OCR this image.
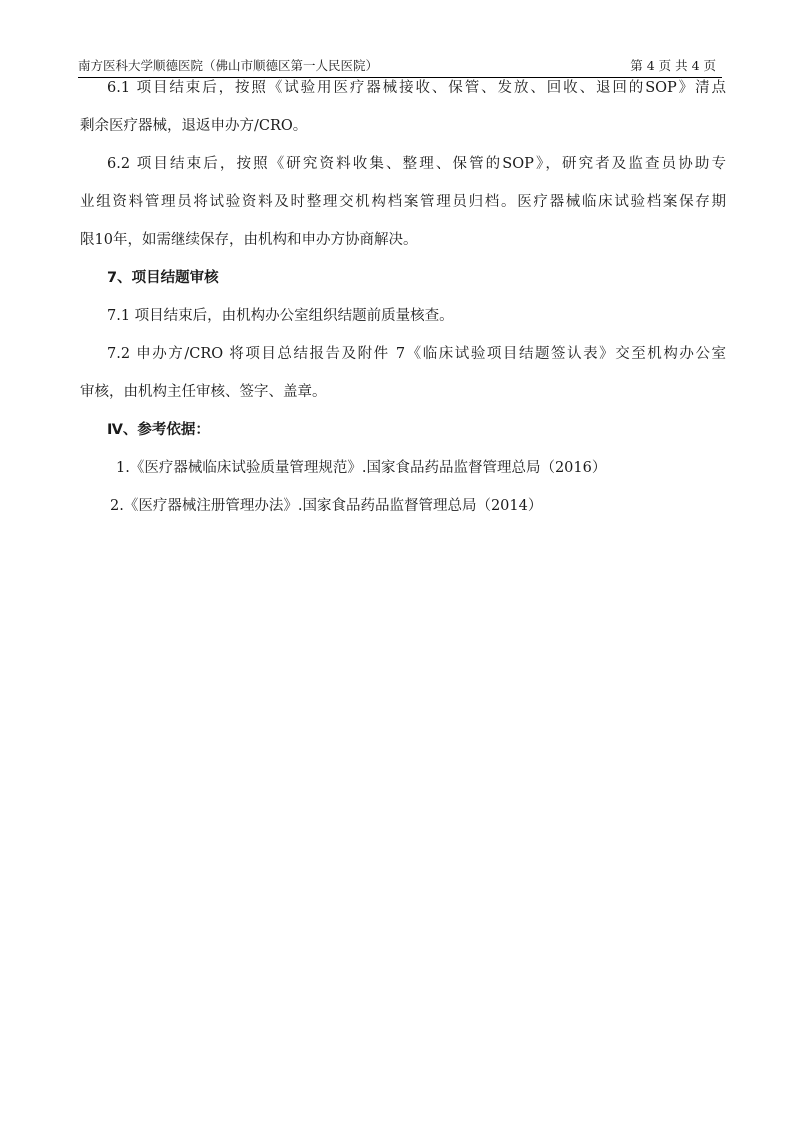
南方医科大学顺德医院（佛山市顺德区第一人民医院）	第 4 页 共 4 页
6.1 项目结束后，按照《试验用医疗器械接收、保管、发放、回收、退回的SOP》清点
剩余医疗器械，退返申办方/CRO。
6.2 项目结束后，按照《研究资料收集、整理、保管的SOP》，研究者及监查员协助专
业组资料管理员将试验资料及时整理交机构档案管理员归档。医疗器械临床试验档案保存期
限10年，如需继续保存，由机构和申办方协商解决。
7、项目结题审核
7.1 项目结束后，由机构办公室组织结题前质量核查。
7.2 申办方/CRO 将项目总结报告及附件 7《临床试验项目结题签认表》交至机构办公室
审核，由机构主任审核、签字、盖章。
Ⅳ、参考依据：
1.《医疗器械临床试验质量管理规范》.国家食品药品监督管理总局（2016）
2.《医疗器械注册管理办法》.国家食品药品监督管理总局（2014）
